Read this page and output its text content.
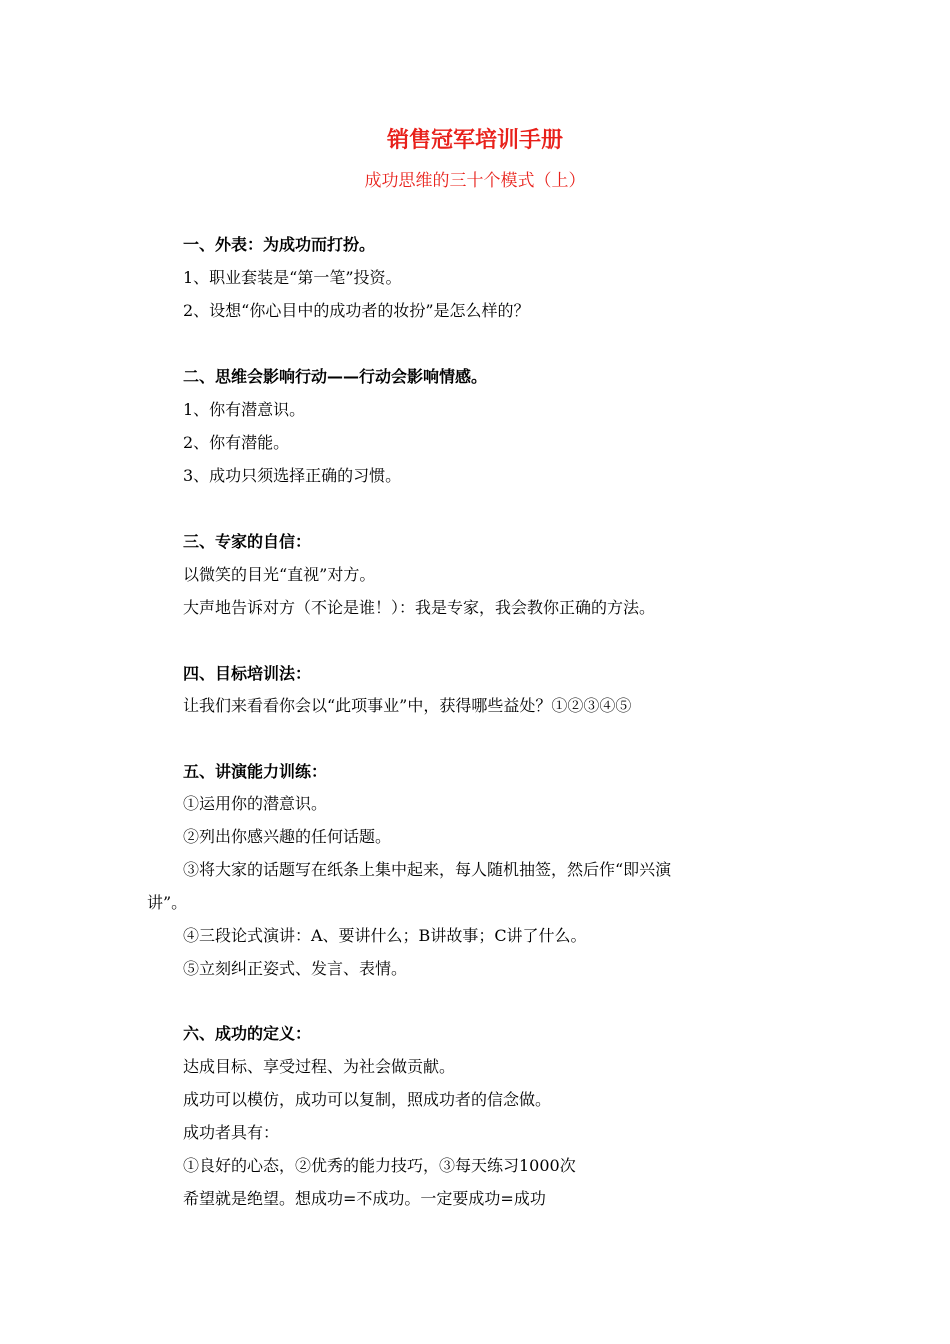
销售冠军培训手册
成功思维的三十个模式（上）
一、外表：为成功而打扮。
1、职业套装是“第一笔”投资。
2、设想“你心目中的成功者的妆扮”是怎么样的？
二、思维会影响行动——行动会影响情感。
1、你有潜意识。
2、你有潜能。
3、成功只须选择正确的习惯。
三、专家的自信：
以微笑的目光“直视”对方。
大声地告诉对方（不论是谁！）：我是专家，我会教你正确的方法。
四、目标培训法：
让我们来看看你会以“此项事业”中，获得哪些益处？①②③④⑤
五、讲演能力训练：
①运用你的潜意识。
②列出你感兴趣的任何话题。
③将大家的话题写在纸条上集中起来，每人随机抽签，然后作“即兴演
讲”。
④三段论式演讲：A、要讲什么；B讲故事；C讲了什么。
⑤立刻纠正姿式、发言、表情。
六、成功的定义：
达成目标、享受过程、为社会做贡献。
成功可以模仿，成功可以复制，照成功者的信念做。
成功者具有：
①良好的心态，②优秀的能力技巧，③每天练习1000次
希望就是绝望。想成功=不成功。一定要成功=成功
